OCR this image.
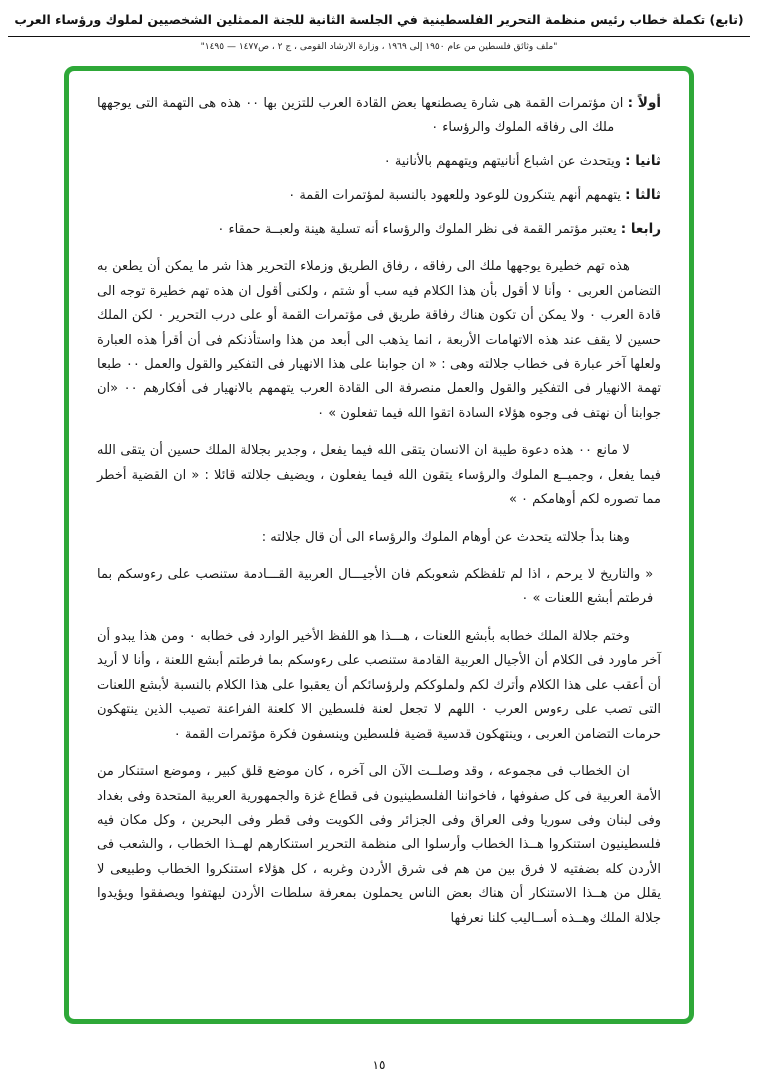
(تابع) تكملة خطاب رئيس منظمة التحرير الفلسطينية في الجلسة الثانية للجنة الممثلين الشخصيين لملوك ورؤساء العرب
"ملف وثائق فلسطين من عام ١٩٥٠ إلى ١٩٦٩ ، وزارة الارشاد القومى ، ج ٢ ، ص١٤٧٧ — ١٤٩٥"
أولاً : ان مؤتمرات القمة هى شارة يصطنعها بعض القادة العرب للتزين بها ٠٠ هذه هى التهمة التى يوجهها ملك الى رفاقه الملوك والرؤساء ٠
ثانيا : ويتحدث عن اشباع أنانيتهم ويتهمهم بالأنانية ٠
ثالثا : يتهمهم أنهم يتنكرون للوعود وللعهود بالنسبة لمؤتمرات القمة ٠
رابعا : يعتبر مؤتمر القمة فى نظر الملوك والرؤساء أنه تسلية هينة ولعبــة حمقاء ٠

هذه تهم خطيرة يوجهها ملك الى رفاقه ، رفاق الطريق وزملاء التحرير هذا شر ما يمكن أن يطعن به التضامن العربى ٠ وأنا لا أقول بأن هذا الكلام فيه سب أو شتم ، ولكنى أقول ان هذه تهم خطيرة توجه الى قادة العرب ٠ ولا يمكن أن تكون هناك رفاقة طريق فى مؤتمرات القمة أو على درب التحرير ٠ لكن الملك حسين لا يقف عند هذه الاتهامات الأربعة ، انما يذهب الى أبعد من هذا واستأذنكم فى أن أقرأ هذه العبارة ولعلها آخر عبارة فى خطاب جلالته وهى : « ان جوابنا على هذا الانهيار فى التفكير والقول والعمل ٠٠ طبعا تهمة الانهيار فى التفكير والقول والعمل منصرفة الى القادة العرب يتهمهم بالانهيار فى أفكارهم ٠٠ «ان جوابنا أن نهتف فى وجوه هؤلاء السادة اتقوا الله فيما تفعلون » ٠

لا مانع ٠٠ هذه دعوة طيبة ان الانسان يتقى الله فيما يفعل ، وجدير بجلالة الملك حسين أن يتقى الله فيما يفعل ، وجميــع الملوك والرؤساء يتقون الله فيما يفعلون ، ويضيف جلالته قائلا : « ان القضية أخطر مما تصوره لكم أوهامكم ٠ »

وهنا بدأ جلالته يتحدث عن أوهام الملوك والرؤساء الى أن قال جلالته :

« والتاريخ لا يرحم ، اذا لم تلفظكم شعوبكم فان الأجيـــال العربية القـــادمة ستنصب على رءوسكم بما فرطتم أبشع اللعنات » ٠

وختم جلالة الملك خطابه بأبشع اللعنات ، هـــذا هو اللفظ الأخير الوارد فى خطابه ٠ ومن هذا يبدو أن آخر ماورد فى الكلام أن الأجيال العربية القادمة ستنصب على رءوسكم بما فرطتم أبشع اللعنة ، وأنا لا أريد أن أعقب على هذا الكلام وأترك لكم ولملوككم ولرؤسائكم أن يعقبوا على هذا الكلام بالنسبة لأبشع اللعنات التى تصب على رءوس العرب ٠ اللهم لا تجعل لعنة فلسطين الا كلعنة الفراعنة تصيب الذين ينتهكون حرمات التضامن العربى ، وينتهكون قدسية قضية فلسطين وينسفون فكرة مؤتمرات القمة ٠

ان الخطاب فى مجموعه ، وقد وصلــت الآن الى آخره ، كان موضع قلق كبير ، وموضع استنكار من الأمة العربية فى كل صفوفها ، فاخواننا الفلسطينيون فى قطاع غزة والجمهورية العربية المتحدة وفى بغداد وفى لبنان وفى سوريا وفى العراق وفى الجزائر وفى الكويت وفى قطر وفى البحرين ، وكل مكان فيه فلسطينيون استنكروا هــذا الخطاب وأرسلوا الى منظمة التحرير استنكارهم لهــذا الخطاب ، والشعب فى الأردن كله بضفتيه لا فرق بين من هم فى شرق الأردن وغربه ، كل هؤلاء استنكروا الخطاب وطبيعى لا يقلل من هــذا الاستنكار أن هناك بعض الناس يحملون بمعرفة سلطات الأردن ليهتفوا ويصفقوا ويؤيدوا جلالة الملك وهــذه أســاليب كلنا نعرفها

١٥
